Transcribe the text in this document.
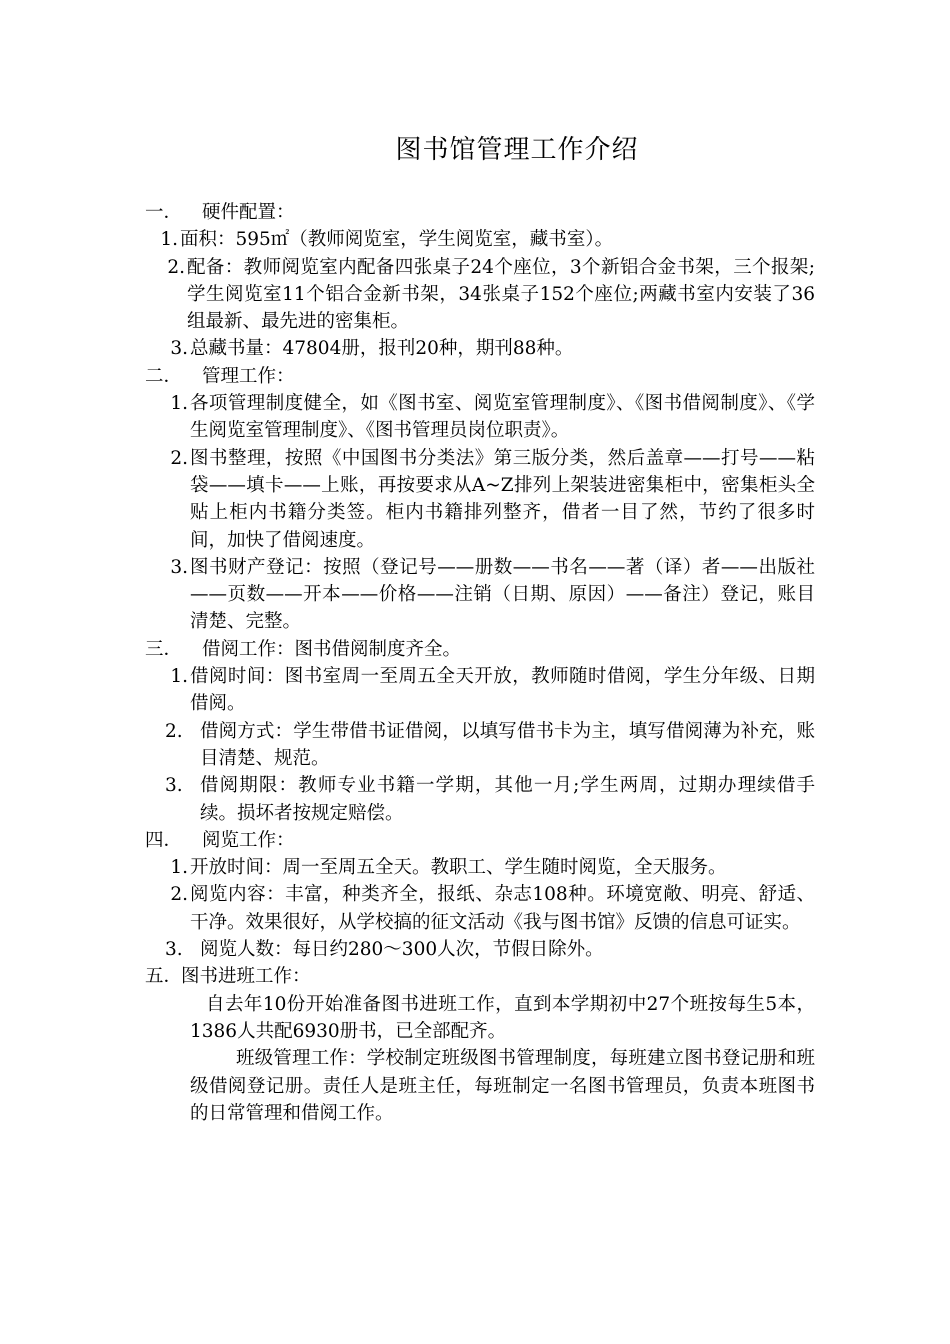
图书馆管理工作介绍
一．	硬件配置：
1. 面积：595㎡（教师阅览室，学生阅览室，藏书室）。
2. 配备：教师阅览室内配备四张桌子24个座位，3个新铝合金书架，三个报架;学生阅览室11个铝合金新书架，34张桌子152个座位;两藏书室内安装了36组最新、最先进的密集柜。
3. 总藏书量：47804册，报刊20种，期刊88种。
二．	管理工作：
1. 各项管理制度健全，如《图书室、阅览室管理制度》、《图书借阅制度》、《学生阅览室管理制度》、《图书管理员岗位职责》。
2. 图书整理，按照《中国图书分类法》第三版分类，然后盖章——打号——粘袋——填卡——上账，再按要求从A~Z排列上架装进密集柜中，密集柜头全贴上柜内书籍分类签。柜内书籍排列整齐，借者一目了然，节约了很多时间，加快了借阅速度。
3. 图书财产登记：按照（登记号——册数——书名——著（译）者——出版社——页数——开本——价格——注销（日期、原因）——备注）登记，账目清楚、完整。
三．	借阅工作：图书借阅制度齐全。
1. 借阅时间：图书室周一至周五全天开放，教师随时借阅，学生分年级、日期借阅。
2. 借阅方式：学生带借书证借阅，以填写借书卡为主，填写借阅薄为补充，账目清楚、规范。
3. 借阅期限：教师专业书籍一学期，其他一月;学生两周，过期办理续借手续。损坏者按规定赔偿。
四．	阅览工作：
1. 开放时间：周一至周五全天。教职工、学生随时阅览，全天服务。
2. 阅览内容：丰富，种类齐全，报纸、杂志108种。环境宽敞、明亮、舒适、干净。效果很好，从学校搞的征文活动《我与图书馆》反馈的信息可证实。
3. 阅览人数：每日约280～300人次，节假日除外。
五．
图书进班工作：
自去年10份开始准备图书进班工作，直到本学期初中27个班按每生5本，1386人共配6930册书，已全部配齐。
班级管理工作：学校制定班级图书管理制度，每班建立图书登记册和班级借阅登记册。责任人是班主任，每班制定一名图书管理员，负责本班图书的日常管理和借阅工作。
